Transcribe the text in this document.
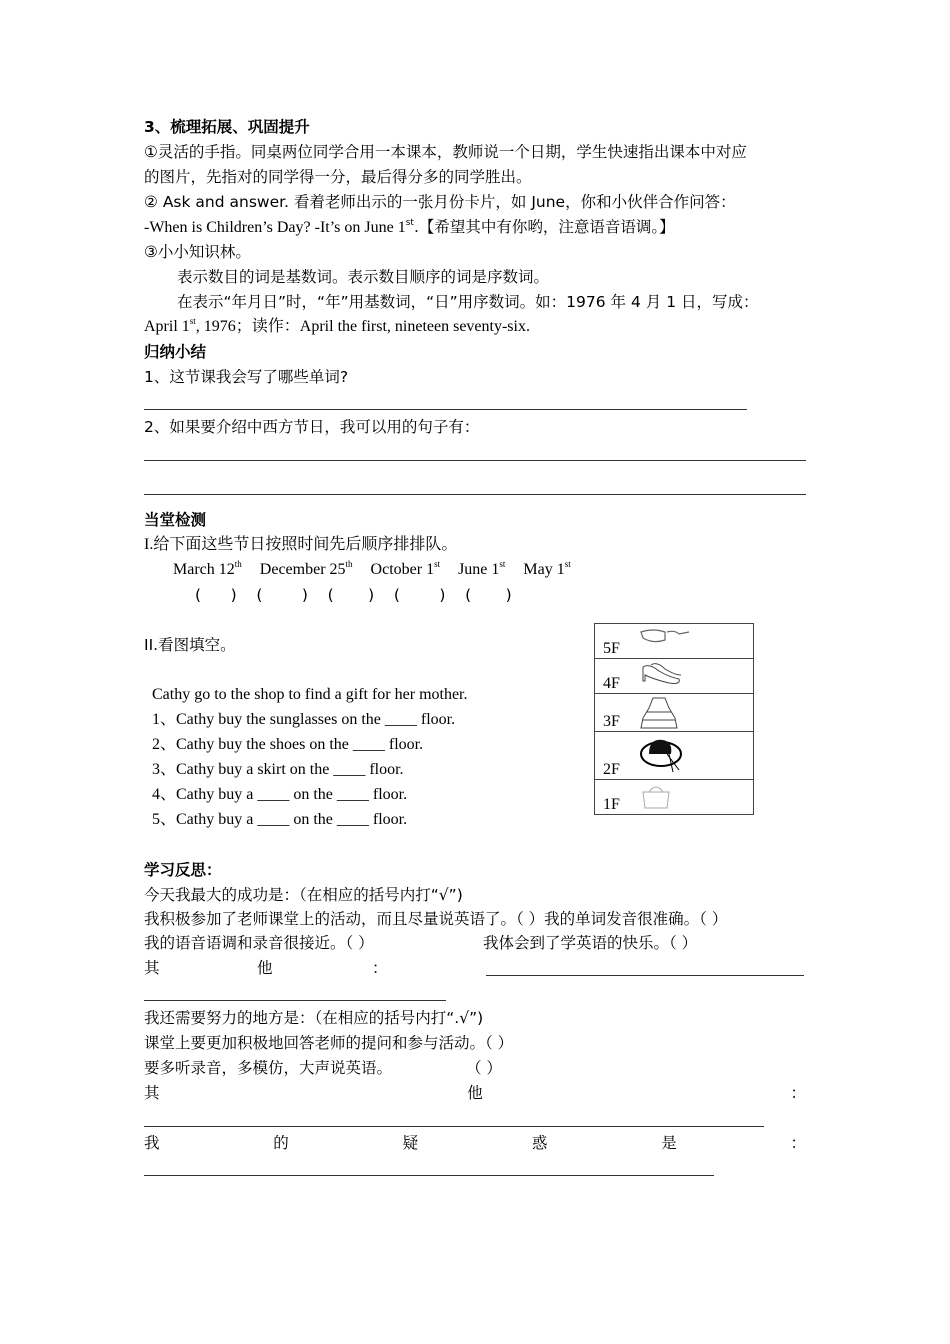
3、梳理拓展、巩固提升
①灵活的手指。同桌两位同学合用一本课本，教师说一个日期，学生快速指出课本中对应
的图片，先指对的同学得一分，最后得分多的同学胜出。
② Ask and answer. 看着老师出示的一张月份卡片，如 June，你和小伙伴合作问答：
-When is Children’s Day? -It’s on June 1st.【希望其中有你哟，注意语音语调。】
③小小知识林。
表示数目的词是基数词。表示数目顺序的词是序数词。
在表示“年月日”时，“年”用基数词，“日”用序数词。如：1976 年 4 月 1 日，写成：
April 1st, 1976；读作：April the first, nineteen seventy-six.
归纳小结
1、这节课我会写了哪些单词?
2、如果要介绍中西方节日，我可以用的句子有：
当堂检测
I.给下面这些节日按照时间先后顺序排排队。
March 12th December 25th October 1st June 1st May 1st
(      )    (        )    (       )    (        )    (       )
II.看图填空。
Cathy go to the shop to find a gift for her mother.
1、Cathy buy the sunglasses on the ____ floor.
2、Cathy buy the shoes on the ____ floor.
3、Cathy buy a skirt on the ____ floor.
4、Cathy buy a ____ on the ____ floor.
5、Cathy buy a ____ on the ____ floor.
5F

4F

3F

2F

1F
学习反思：
今天我最大的成功是：（在相应的括号内打“√”)
我积极参加了老师课堂上的活动，而且尽量说英语了。（ ）我的单词发音很准确。（ ）
我的语音语调和录音很接近。（ ）	我体会到了学英语的快乐。（ ）
其	他	：
我还需要努力的地方是：（在相应的括号内打“.√”)
课堂上要更加积极地回答老师的提问和参与活动。（ ）
要多听录音，多模仿，大声说英语。	（ ）
其	他	：
我	的	疑	惑	是	：
